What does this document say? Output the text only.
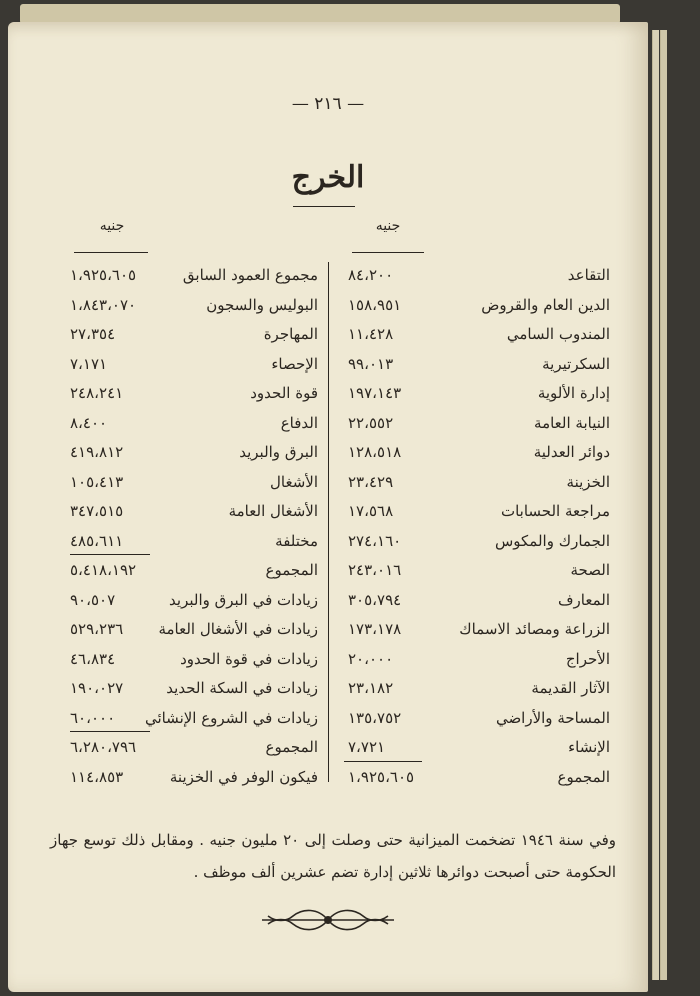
— ٢١٦ —
الخرج
جنيه
جنيه
التقاعد
٨٤،٢٠٠
الدين العام والقروض
١٥٨،٩٥١
المندوب السامي
١١،٤٢٨
السكرتيرية
٩٩،٠١٣
إدارة الألوية
١٩٧،١٤٣
النيابة العامة
٢٢،٥٥٢
دوائر العدلية
١٢٨،٥١٨
الخزينة
٢٣،٤٢٩
مراجعة الحسابات
١٧،٥٦٨
الجمارك والمكوس
٢٧٤،١٦٠
الصحة
٢٤٣،٠١٦
المعارف
٣٠٥،٧٩٤
الزراعة ومصائد الاسماك
١٧٣،١٧٨
الأحراج
٢٠،٠٠٠
الآثار القديمة
٢٣،١٨٢
المساحة والأراضي
١٣٥،٧٥٢
الإنشاء
٧،٧٢١
المجموع
١،٩٢٥،٦٠٥
مجموع العمود السابق
١،٩٢٥،٦٠٥
البوليس والسجون
١،٨٤٣،٠٧٠
المهاجرة
٢٧،٣٥٤
الإحصاء
٧،١٧١
قوة الحدود
٢٤٨،٢٤١
الدفاع
٨،٤٠٠
البرق والبريد
٤١٩،٨١٢
الأشغال
١٠٥،٤١٣
الأشغال العامة
٣٤٧،٥١٥
مختلفة
٤٨٥،٦١١
المجموع
٥،٤١٨،١٩٢
زيادات في البرق والبريد
٩٠،٥٠٧
زيادات في الأشغال العامة
٥٢٩،٢٣٦
زيادات في قوة الحدود
٤٦،٨٣٤
زيادات في السكة الحديد
١٩٠،٠٢٧
زيادات في الشروع الإنشائي
٦٠،٠٠٠
المجموع
٦،٢٨٠،٧٩٦
فيكون الوفر في الخزينة
١١٤،٨٥٣
وفي سنة ١٩٤٦ تضخمت الميزانية حتى وصلت إلى ٢٠ مليون جنيه . ومقابل ذلك توسع جهاز الحكومة حتى أصبحت دوائرها ثلاثين إدارة تضم عشرين ألف موظف .
